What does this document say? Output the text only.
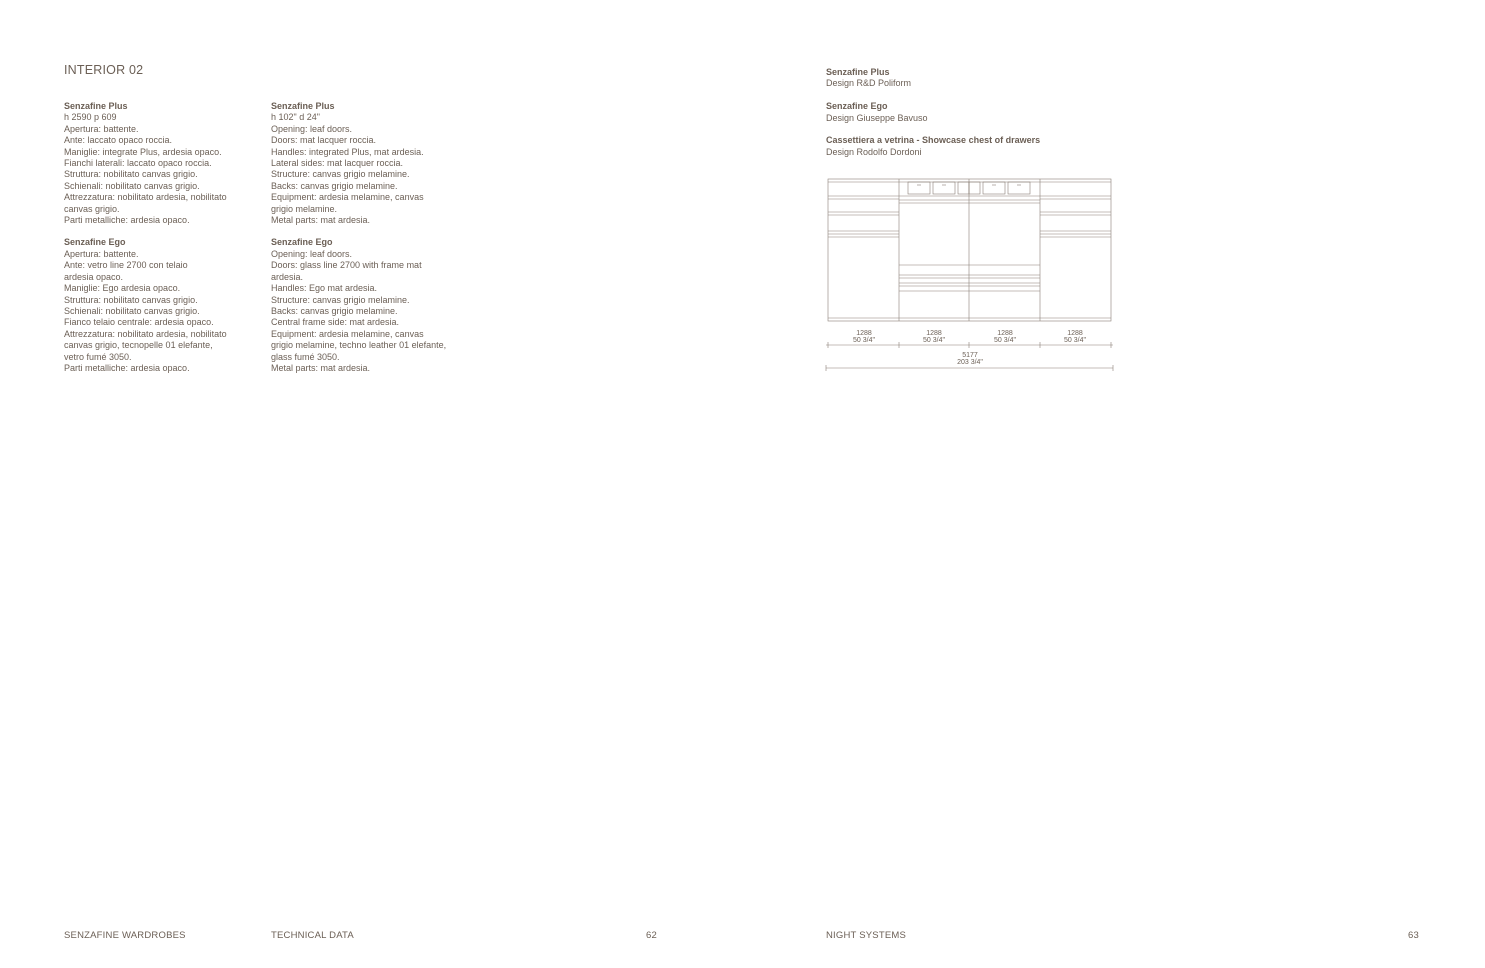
INTERIOR 02

Senzafine Plus

h 2590 p 609

Apertura: battente.

Ante: laccato opaco roccia.

Maniglie: integrate Plus, ardesia opaco.

Fianchi laterali: laccato opaco roccia.

Struttura: nobilitato canvas grigio.

Schienali: nobilitato canvas grigio.

Attrezzatura: nobilitato ardesia, nobilitato

canvas grigio.

Parti metalliche: ardesia opaco.

Senzafine Ego

Apertura: battente.

Ante: vetro line 2700 con telaio

ardesia opaco.

Maniglie: Ego ardesia opaco.

Struttura: nobilitato canvas grigio.

Schienali: nobilitato canvas grigio.

Fianco telaio centrale: ardesia opaco.

Attrezzatura: nobilitato ardesia, nobilitato

canvas grigio, tecnopelle 01 elefante,

vetro fumé 3050.

Parti metalliche: ardesia opaco.

Senzafine Plus

h 102" d 24"

Opening: leaf doors.

Doors: mat lacquer roccia.

Handles: integrated Plus, mat ardesia.

Lateral sides: mat lacquer roccia.

Structure: canvas grigio melamine.

Backs: canvas grigio melamine.

Equipment: ardesia melamine, canvas

grigio melamine.

Metal parts: mat ardesia.

Senzafine Ego

Opening: leaf doors.

Doors: glass line 2700 with frame mat

ardesia.

Handles: Ego mat ardesia.

Structure: canvas grigio melamine.

Backs: canvas grigio melamine.

Central frame side: mat ardesia.

Equipment: ardesia melamine, canvas

grigio melamine, techno leather 01 elefante,

glass fumé 3050.

Metal parts: mat ardesia.

Senzafine Plus

Design R&D Poliform

Senzafine Ego

Design Giuseppe Bavuso

Cassettiera a vetrina - Showcase chest of drawers

Design Rodolfo Dordoni

1288
50 3/4"
1288
50 3/4"
1288
50 3/4"
1288
50 3/4"
5177
203 3/4"
SENZAFINE WARDROBES	TECHNICAL DATA	62	NIGHT SYSTEMS	63
